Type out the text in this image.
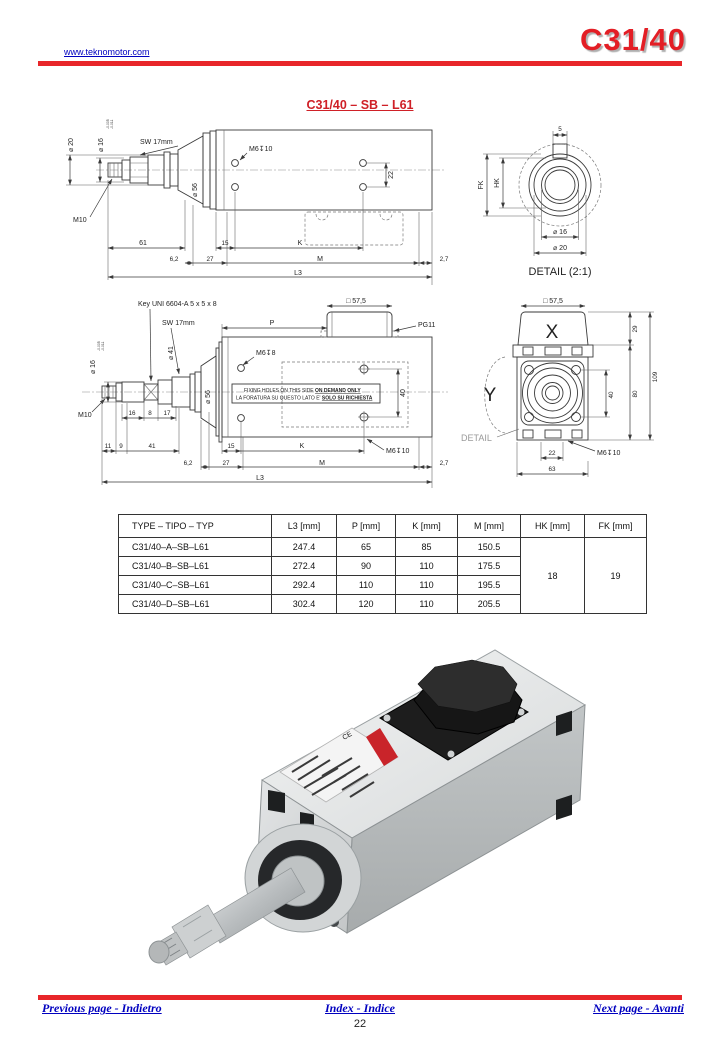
www.teknomotor.com	C31/40
C31/40 – SB – L61
M6↧10
22
⌀ 20	⌀ 16
-0.005 -0.011
SW 17mm
M10
⌀ 56
61	15	K
6,2	27	M	2,7
L3
5
FK HK
⌀ 16
⌀ 20
DETAIL (2:1)
Key UNI 6604-A 5 x 5 x 8
SW 17mm
□ 57,5
PG11
P
M6↧8
40
FIXING HOLES ON THIS SIDE ON DEMAND ONLY
LA FORATURA SU QUESTO LATO E' SOLO SU RICHIESTA
M6↧10
⌀ 16
-0.005 -0.011	⌀ 41
⌀ 56
M10	16 8 17
11 9	41	15	K
6,2	27	M	2,7
L3
X
□ 57,5
Y
DETAIL
29
109
80
40
22
63
M6↧10
TYPE – TIPO – TYP	L3 [mm]	P [mm]	K [mm]	M [mm]	HK [mm]	FK [mm]
C31/40–A–SB–L61	247.4	65	85	150.5	18	19
C31/40–B–SB–L61	272.4	90	110	175.5		
C31/40–C–SB–L61	292.4	110	110	195.5		
C31/40–D–SB–L61	302.4	120	110	205.5		
CE
Previous page - Indietro	Index - Indice	Next page - Avanti
22
